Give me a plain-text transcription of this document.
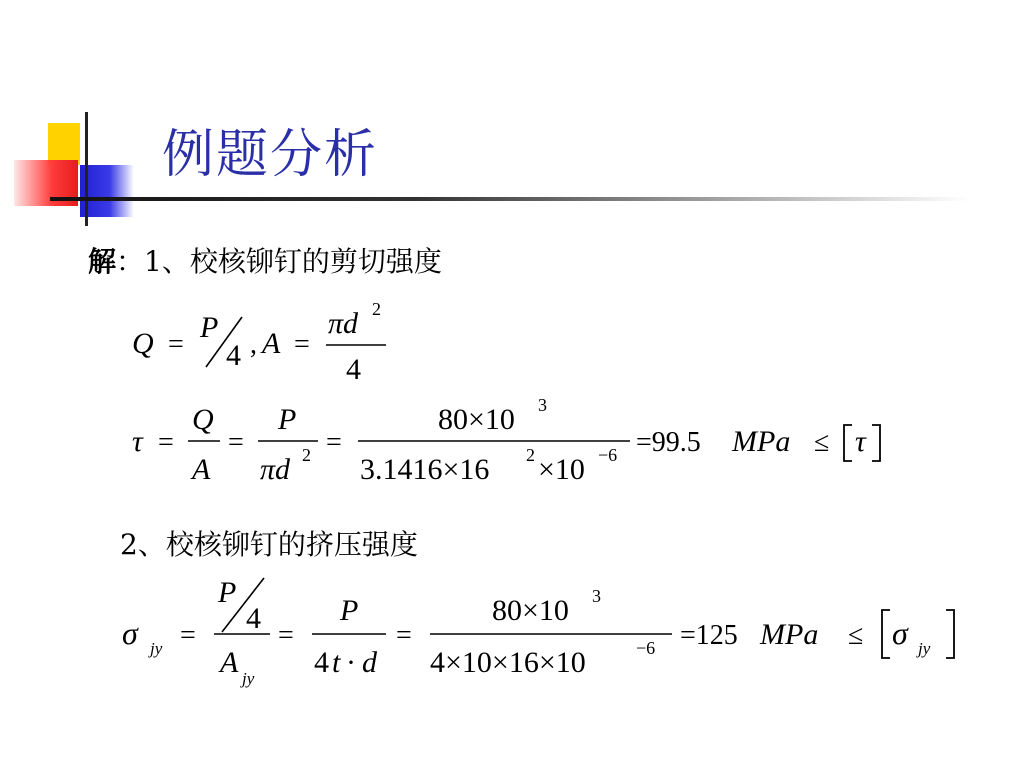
例题分析
解：1、校核铆钉的剪切强度
Q =
P
4 , A =
πd 2
4
τ =
Q
A
=
P
πd 2 =
80×10 3
3.1416×16 2 ×10 −6 =99.5 MPa ≤ τ
2、校核铆钉的挤压强度
σ jy =
P
4
A jy
=
P
4 t · d
=
80×10 3
4×10×16×10	−6 =125 MPa ≤ σ jy
